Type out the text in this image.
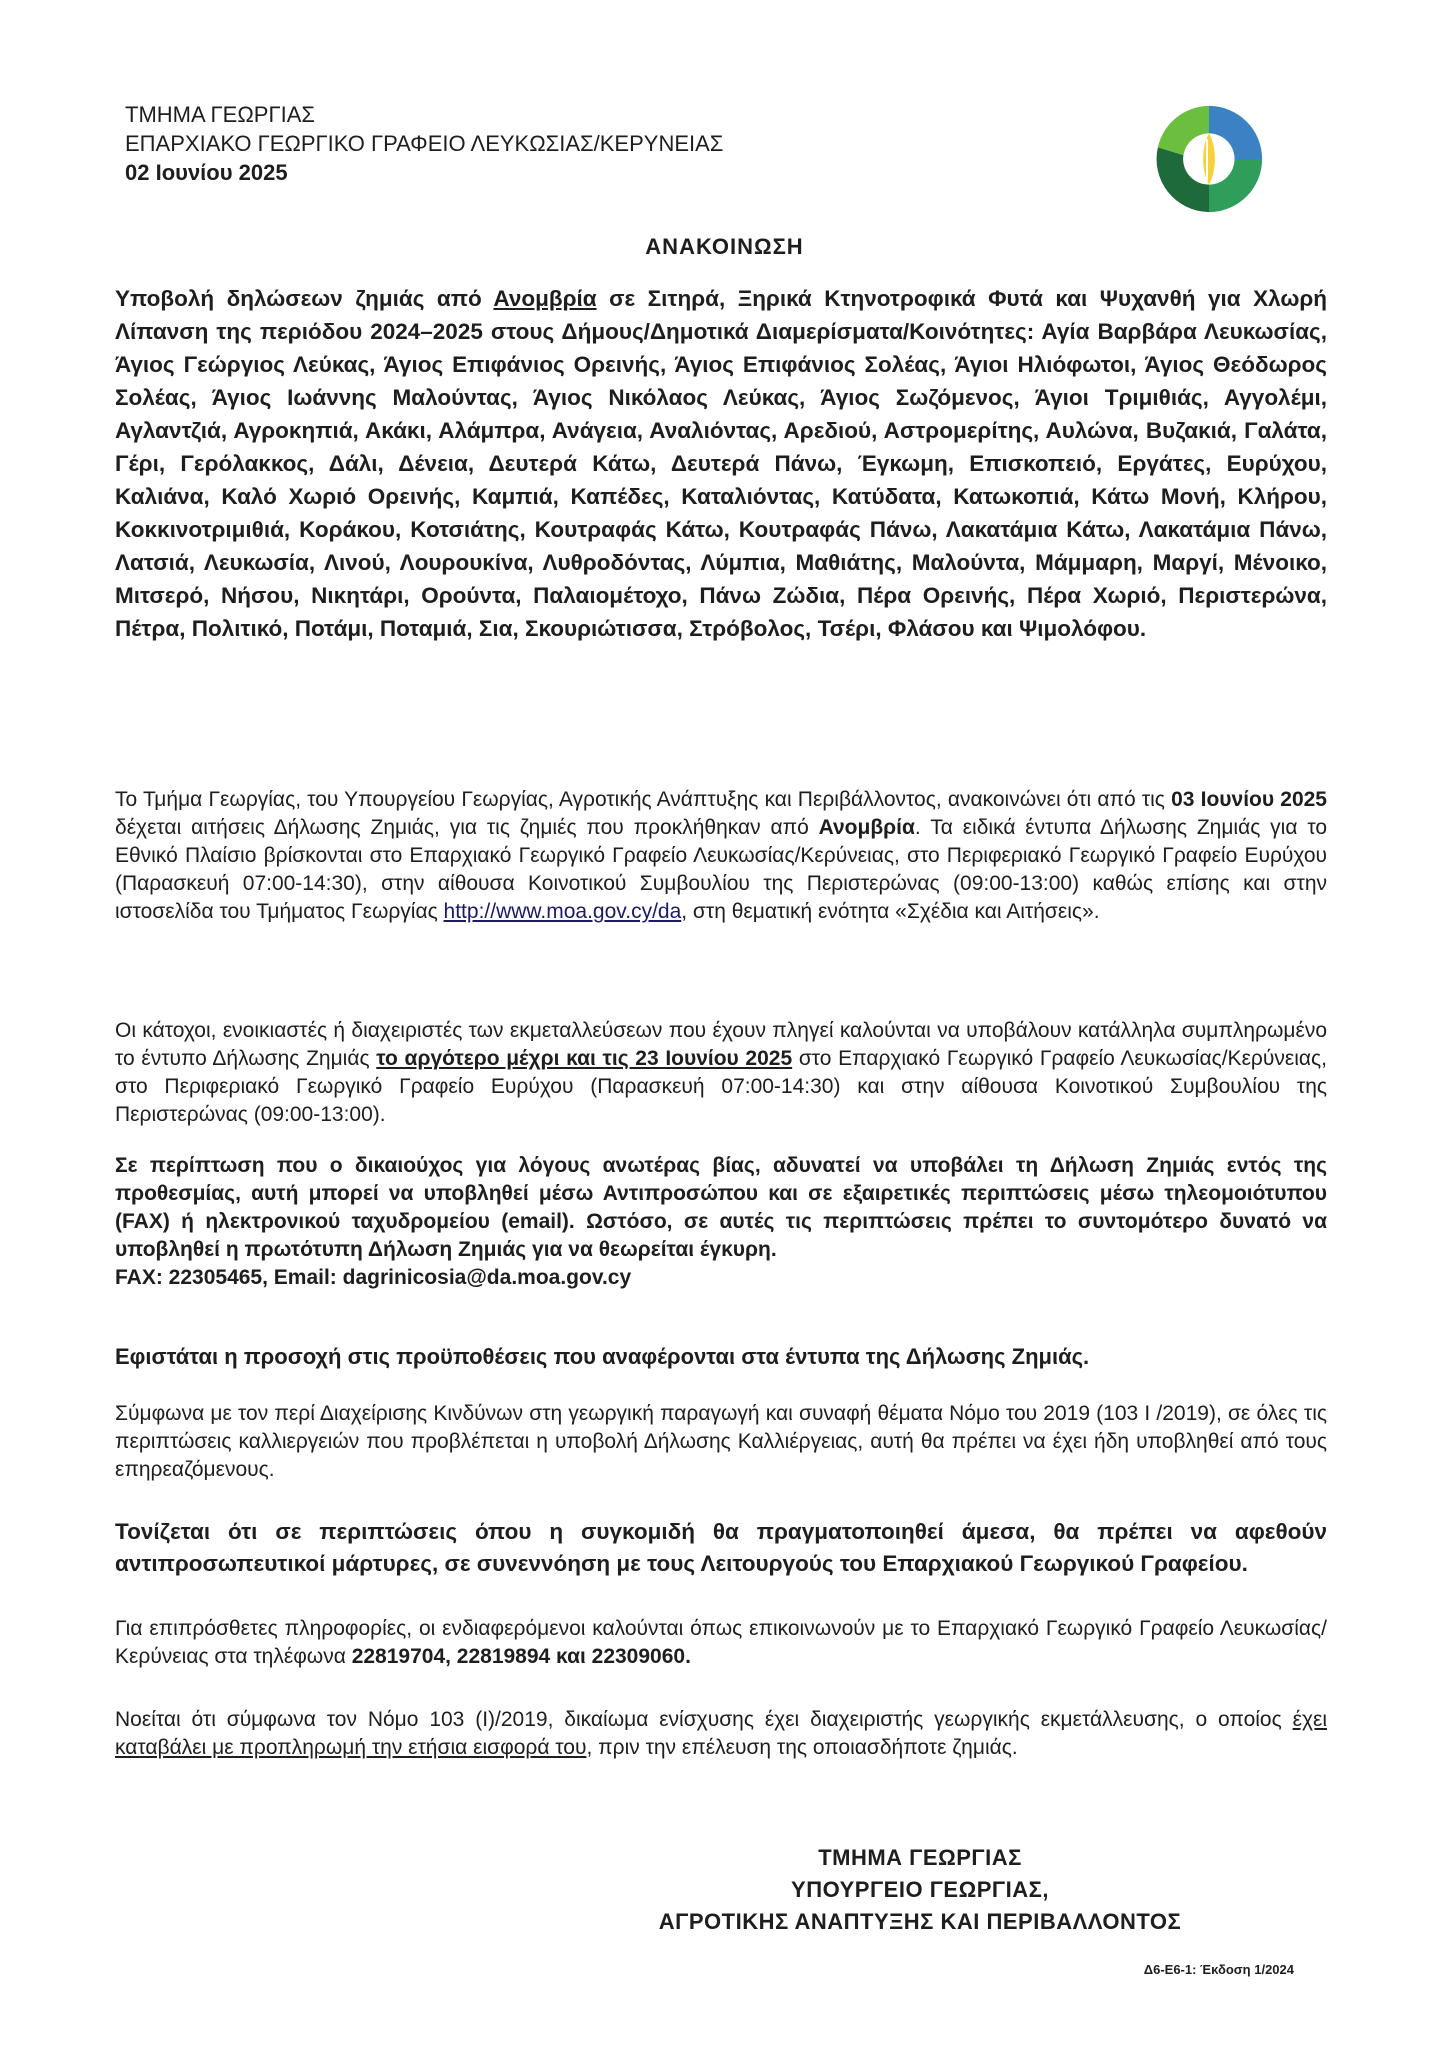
ΤΜΗΜΑ ΓΕΩΡΓΙΑΣ
ΕΠΑΡΧΙΑΚΟ ΓΕΩΡΓΙΚΟ ΓΡΑΦΕΙΟ ΛΕΥΚΩΣΙΑΣ/ΚΕΡΥΝΕΙΑΣ
02 Ιουνίου 2025
ΑΝΑΚΟΙΝΩΣΗ
Υποβολή δηλώσεων ζημιάς από Ανομβρία σε Σιτηρά, Ξηρικά Κτηνοτροφικά Φυτά και Ψυχανθή για Χλωρή Λίπανση της περιόδου 2024–2025 στους Δήμους/Δημοτικά Διαμερίσματα/Κοινότητες: Αγία Βαρβάρα Λευκωσίας, Άγιος Γεώργιος Λεύκας, Άγιος Επιφάνιος Ορεινής, Άγιος Επιφάνιος Σολέας, Άγιοι Ηλιόφωτοι, Άγιος Θεόδωρος Σολέας, Άγιος Ιωάννης Μαλούντας, Άγιος Νικόλαος Λεύκας, Άγιος Σωζόμενος, Άγιοι Τριμιθιάς, Αγγολέμι, Αγλαντζιά, Αγροκηπιά, Ακάκι, Αλάμπρα, Ανάγεια, Αναλιόντας, Αρεδιού, Αστρομερίτης, Αυλώνα, Βυζακιά, Γαλάτα, Γέρι, Γερόλακκος, Δάλι, Δένεια, Δευτερά Κάτω, Δευτερά Πάνω, Έγκωμη, Επισκοπειό, Εργάτες, Ευρύχου, Καλιάνα, Καλό Χωριό Ορεινής, Καμπιά, Καπέδες, Καταλιόντας, Κατύδατα, Κατωκοπιά, Κάτω Μονή, Κλήρου, Κοκκινοτριμιθιά, Κοράκου, Κοτσιάτης, Κουτραφάς Κάτω, Κουτραφάς Πάνω, Λακατάμια Κάτω, Λακατάμια Πάνω, Λατσιά, Λευκωσία, Λινού, Λουρουκίνα, Λυθροδόντας, Λύμπια, Μαθιάτης, Μαλούντα, Μάμμαρη, Μαργί, Μένοικο, Μιτσερό, Νήσου, Νικητάρι, Ορούντα, Παλαιομέτοχο, Πάνω Ζώδια, Πέρα Ορεινής, Πέρα Χωριό, Περιστερώνα, Πέτρα, Πολιτικό, Ποτάμι, Ποταμιά, Σια, Σκουριώτισσα, Στρόβολος, Τσέρι, Φλάσου και Ψιμολόφου.
Το Τμήμα Γεωργίας, του Υπουργείου Γεωργίας, Αγροτικής Ανάπτυξης και Περιβάλλοντος, ανακοινώνει ότι από τις 03 Ιουνίου 2025 δέχεται αιτήσεις Δήλωσης Ζημιάς, για τις ζημιές που προκλήθηκαν από Ανομβρία. Τα ειδικά έντυπα Δήλωσης Ζημιάς για το Εθνικό Πλαίσιο βρίσκονται στο Επαρχιακό Γεωργικό Γραφείο Λευκωσίας/Κερύνειας, στο Περιφεριακό Γεωργικό Γραφείο Ευρύχου (Παρασκευή 07:00-14:30), στην αίθουσα Κοινοτικού Συμβουλίου της Περιστερώνας (09:00-13:00) καθώς επίσης και στην ιστοσελίδα του Τμήματος Γεωργίας http://www.moa.gov.cy/da, στη θεματική ενότητα «Σχέδια και Αιτήσεις».
Οι κάτοχοι, ενοικιαστές ή διαχειριστές των εκμεταλλεύσεων που έχουν πληγεί καλούνται να υποβάλουν κατάλληλα συμπληρωμένο το έντυπο Δήλωσης Ζημιάς το αργότερο μέχρι και τις 23 Ιουνίου 2025 στο Επαρχιακό Γεωργικό Γραφείο Λευκωσίας/Κερύνειας, στο Περιφεριακό Γεωργικό Γραφείο Ευρύχου (Παρασκευή 07:00-14:30) και στην αίθουσα Κοινοτικού Συμβουλίου της Περιστερώνας (09:00-13:00).
Σε περίπτωση που ο δικαιούχος για λόγους ανωτέρας βίας, αδυνατεί να υποβάλει τη Δήλωση Ζημιάς εντός της προθεσμίας, αυτή μπορεί να υποβληθεί μέσω Αντιπροσώπου και σε εξαιρετικές περιπτώσεις μέσω τηλεομοιότυπου (FAX) ή ηλεκτρονικού ταχυδρομείου (email). Ωστόσο, σε αυτές τις περιπτώσεις πρέπει το συντομότερο δυνατό να υποβληθεί η πρωτότυπη Δήλωση Ζημιάς για να θεωρείται έγκυρη.
FAX: 22305465, Email: dagrinicosia@da.moa.gov.cy
Εφιστάται η προσοχή στις προϋποθέσεις που αναφέρονται στα έντυπα της Δήλωσης Ζημιάς.
Σύμφωνα με τον περί Διαχείρισης Κινδύνων στη γεωργική παραγωγή και συναφή θέματα Νόμο του 2019 (103 Ι /2019), σε όλες τις περιπτώσεις καλλιεργειών που προβλέπεται η υποβολή Δήλωσης Καλλιέργειας, αυτή θα πρέπει να έχει ήδη υποβληθεί από τους επηρεαζόμενους.
Τονίζεται ότι σε περιπτώσεις όπου η συγκομιδή θα πραγματοποιηθεί άμεσα, θα πρέπει να αφεθούν αντιπροσωπευτικοί μάρτυρες, σε συνεννόηση με τους Λειτουργούς του Επαρχιακού Γεωργικού Γραφείου.
Για επιπρόσθετες πληροφορίες, οι ενδιαφερόμενοι καλούνται όπως επικοινωνούν με το Επαρχιακό Γεωργικό Γραφείο Λευκωσίας/Κερύνειας στα τηλέφωνα 22819704, 22819894 και 22309060.
Νοείται ότι σύμφωνα τον Νόμο 103 (Ι)/2019, δικαίωμα ενίσχυσης έχει διαχειριστής γεωργικής εκμετάλλευσης, ο οποίος έχει καταβάλει με προπληρωμή την ετήσια εισφορά του, πριν την επέλευση της οποιασδήποτε ζημιάς.
ΤΜΗΜΑ ΓΕΩΡΓΙΑΣ
ΥΠΟΥΡΓΕΙΟ ΓΕΩΡΓΙΑΣ,
ΑΓΡΟΤΙΚΗΣ ΑΝΑΠΤΥΞΗΣ ΚΑΙ ΠΕΡΙΒΑΛΛΟΝΤΟΣ
Δ6-Ε6-1: Έκδοση 1/2024
